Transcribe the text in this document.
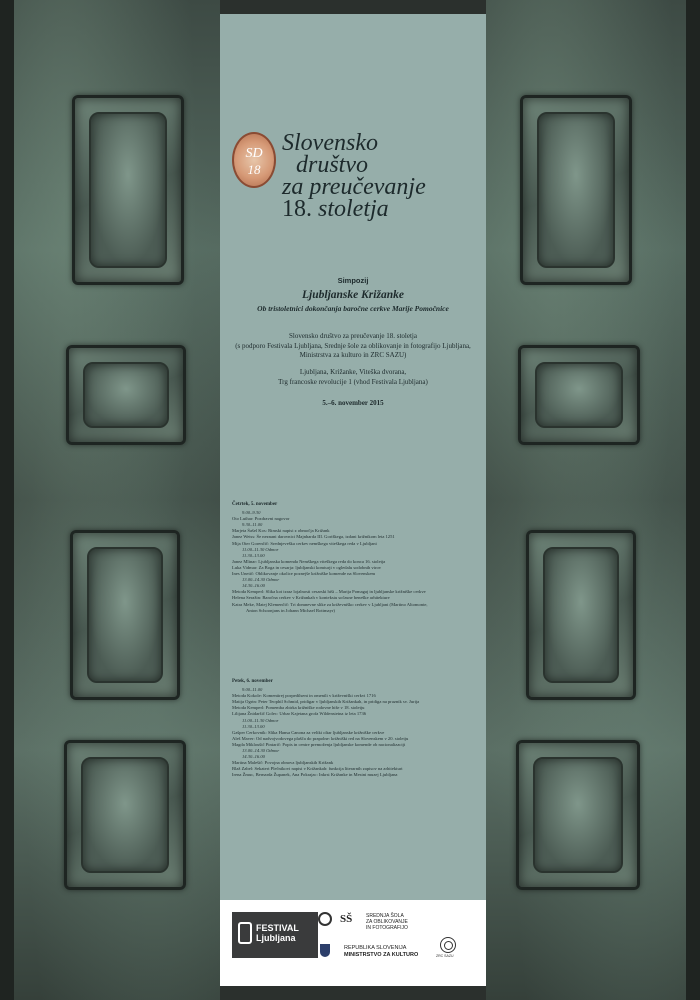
SD
18
Slovensko
društvo
za preučevanje
18. stoletja
Simpozij
Ljubljanske Križanke
Ob tristoletnici dokončanja baročne cerkve Marije Pomočnice
Slovensko društvo za preučevanje 18. stoletja
(s podporo Festivala Ljubljana, Srednje šole za oblikovanje in fotografijo Ljubljana,
Ministrstva za kulturo in ZRC SAZU)
Ljubljana, Križanke, Viteška dvorana,
Trg francoske revolucije 1 (vhod Festivala Ljubljana)
5.–6. november 2015
Četrtek, 5. november
9.00–9.30
Oto Luthar: Pozdravni nagovor
9.30–11.00
Marjeta Šašel Kos: Rimski napisi z območja Križank
Janez Weiss: Še neznani darovnici Majnharda III. Goriškega, izdani križnikom leta 1251
Mija Oter Gorenčič: Srednjeveška cerkev nemškega viteškega reda v Ljubljani
11.00–11.30 Odmor
11.30–13.00
Janez Mlinar: Ljubljanska komenda Nemškega viteškega reda do konca 16. stoletja
Luka Vidmar: Za Bogа in cesarja: ljubljanski komturji v ogledalu sodobnih virov
Ines Unetič: Oblikovanje okolice poznejše križniške komende na Slovenskem
13.00–14.30 Odmor
14.30–16.00
Metoda Kemperl: Slika kot izraz lojalnosti cesarski hiši – Marija Pomagaj in ljubljanske križniške cerkve
Helena Seražin: Baročna cerkev v Križankah v kontekstu sočasne beneške arhitekture
Katra Meke, Matej Klemenčič: Tri domnevne slike za križevniško cerkev v Ljubljani (Martino Altomonte,
Anton Schoonjans in Johann Michael Rottmayr)
Petek, 6. november
9.00–11.00
Metoda Kokole: Komentirej porpedilsent in omenili v križevniški cerkvi 1716
Matija Ogrin: Peter Teophil Schmid, pridigar v ljubljanskih Križankah, in pridiga na praznik sv. Jurija
Metoda Kemperl: Pomemba zbirka križniške rodovne hiše v 18. stoletju
Lilijana Žnidaršič Golec: Urbar Kajetana grofa Wildensteina iz leta 1736
11.00–11.30 Odmor
11.30–13.00
Gašper Cerkovnik: Slika Hansa Canona za veliki oltar ljubljanske križniške cerkve
Aleš Maver: Od nadvojvodovega plašča do prapolne: križniški red na Slovenskem v 20. stoletju
Magda Mikloušič Pintarič: Popis in centre premoženja ljubljanske komende ob nacionalizaciji
13.00–14.30 Odmor
14.30–16.00
Martina Malešič: Povojna obnova ljubljanskih Križank
Blaž Zabel: Sekateri Plečnikovi napisi v Križankah: funkcija literarnih zapisov na arhitekturi
Irena Žmuc, Bernarda Županek, Ana Pokrajac: Inkrst Križanke in Mestni muzej Ljubljana
FESTIVAL
Ljubljana
SŠ	SREDNJA ŠOLA
ZA OBLIKOVANJE
IN FOTOGRAFIJO
REPUBLIKA SLOVENIJA
MINISTRSTVO ZA KULTURO	ZRC SAZU
